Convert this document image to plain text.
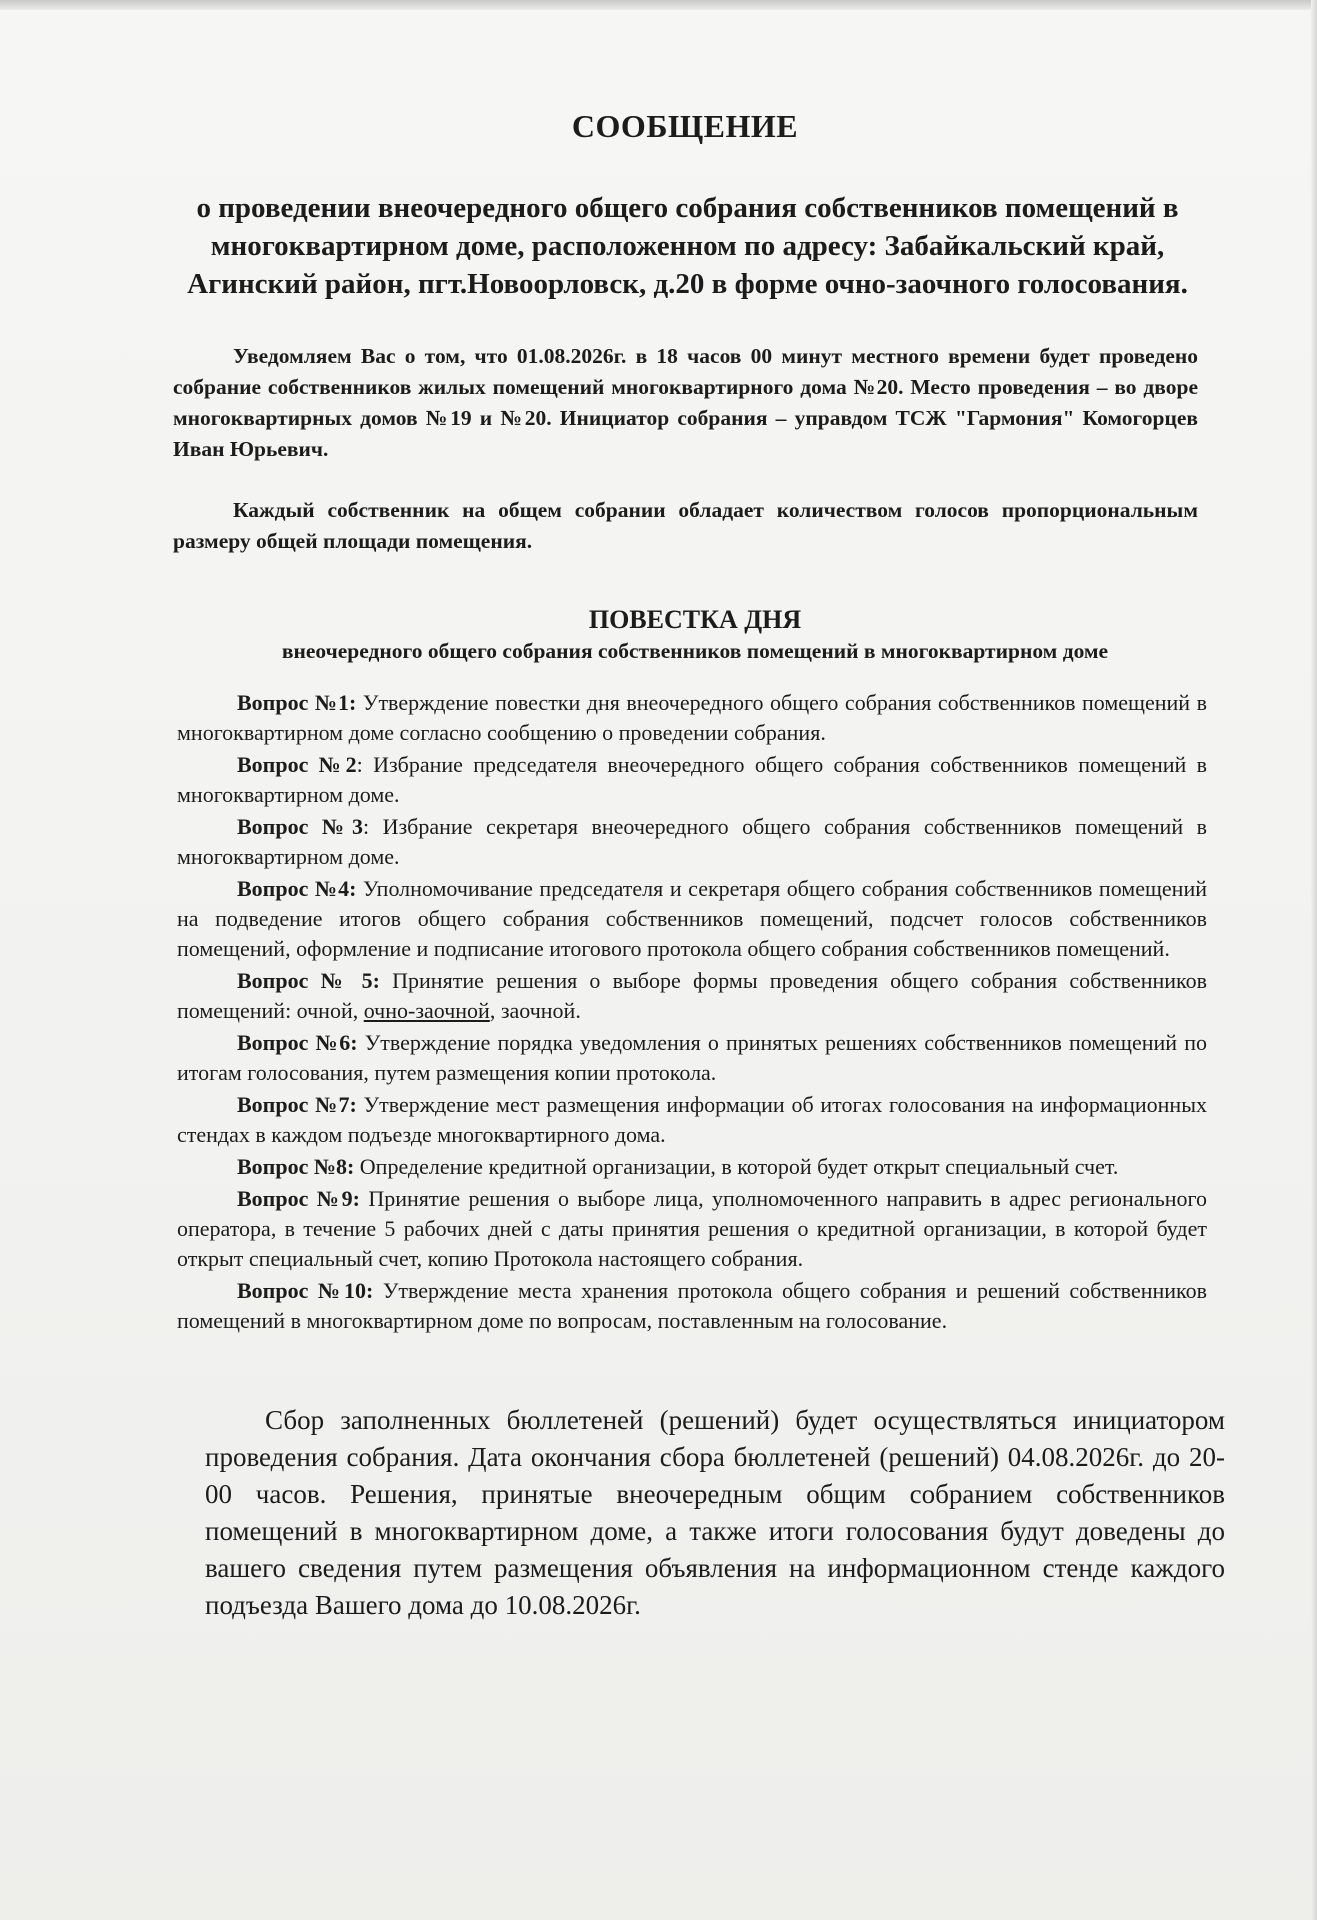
СООБЩЕНИЕ
о проведении внеочередного общего собрания собственников помещений в многоквартирном доме, расположенном по адресу: Забайкальский край, Агинский район, пгт.Новоорловск, д.20 в форме очно-заочного голосования.

Уведомляем Вас о том, что 01.08.2026г. в 18 часов 00 минут местного времени будет проведено собрание собственников жилых помещений многоквартирного дома №20. Место проведения – во дворе многоквартирных домов №19 и №20. Инициатор собрания – управдом ТСЖ "Гармония" Комогорцев Иван Юрьевич.

Каждый собственник на общем собрании обладает количеством голосов пропорциональным размеру общей площади помещения.

ПОВЕСТКА ДНЯ
внеочередного общего собрания собственников помещений в многоквартирном доме

Вопрос №1: Утверждение повестки дня внеочередного общего собрания собственников помещений в многоквартирном доме согласно сообщению о проведении собрания.

Вопрос №2: Избрание председателя внеочередного общего собрания собственников помещений в многоквартирном доме.

Вопрос №3: Избрание секретаря внеочередного общего собрания собственников помещений в многоквартирном доме.

Вопрос №4: Уполномочивание председателя и секретаря общего собрания собственников помещений на подведение итогов общего собрания собственников помещений, подсчет голосов собственников помещений, оформление и подписание итогового протокола общего собрания собственников помещений.

Вопрос № 5: Принятие решения о выборе формы проведения общего собрания собственников помещений: очной, очно-заочной, заочной.

Вопрос №6: Утверждение порядка уведомления о принятых решениях собственников помещений по итогам голосования, путем размещения копии протокола.

Вопрос №7: Утверждение мест размещения информации об итогах голосования на информационных стендах в каждом подъезде многоквартирного дома.

Вопрос №8: Определение кредитной организации, в которой будет открыт специальный счет.

Вопрос №9: Принятие решения о выборе лица, уполномоченного направить в адрес регионального оператора, в течение 5 рабочих дней с даты принятия решения о кредитной организации, в которой будет открыт специальный счет, копию Протокола настоящего собрания.

Вопрос №10: Утверждение места хранения протокола общего собрания и решений собственников помещений в многоквартирном доме по вопросам, поставленным на голосование.

Сбор заполненных бюллетеней (решений) будет осуществляться инициатором проведения собрания. Дата окончания сбора бюллетеней (решений) 04.08.2026г. до 20-00 часов. Решения, принятые внеочередным общим собранием собственников помещений в многоквартирном доме, а также итоги голосования будут доведены до вашего сведения путем размещения объявления на информационном стенде каждого подъезда Вашего дома до 10.08.2026г.
